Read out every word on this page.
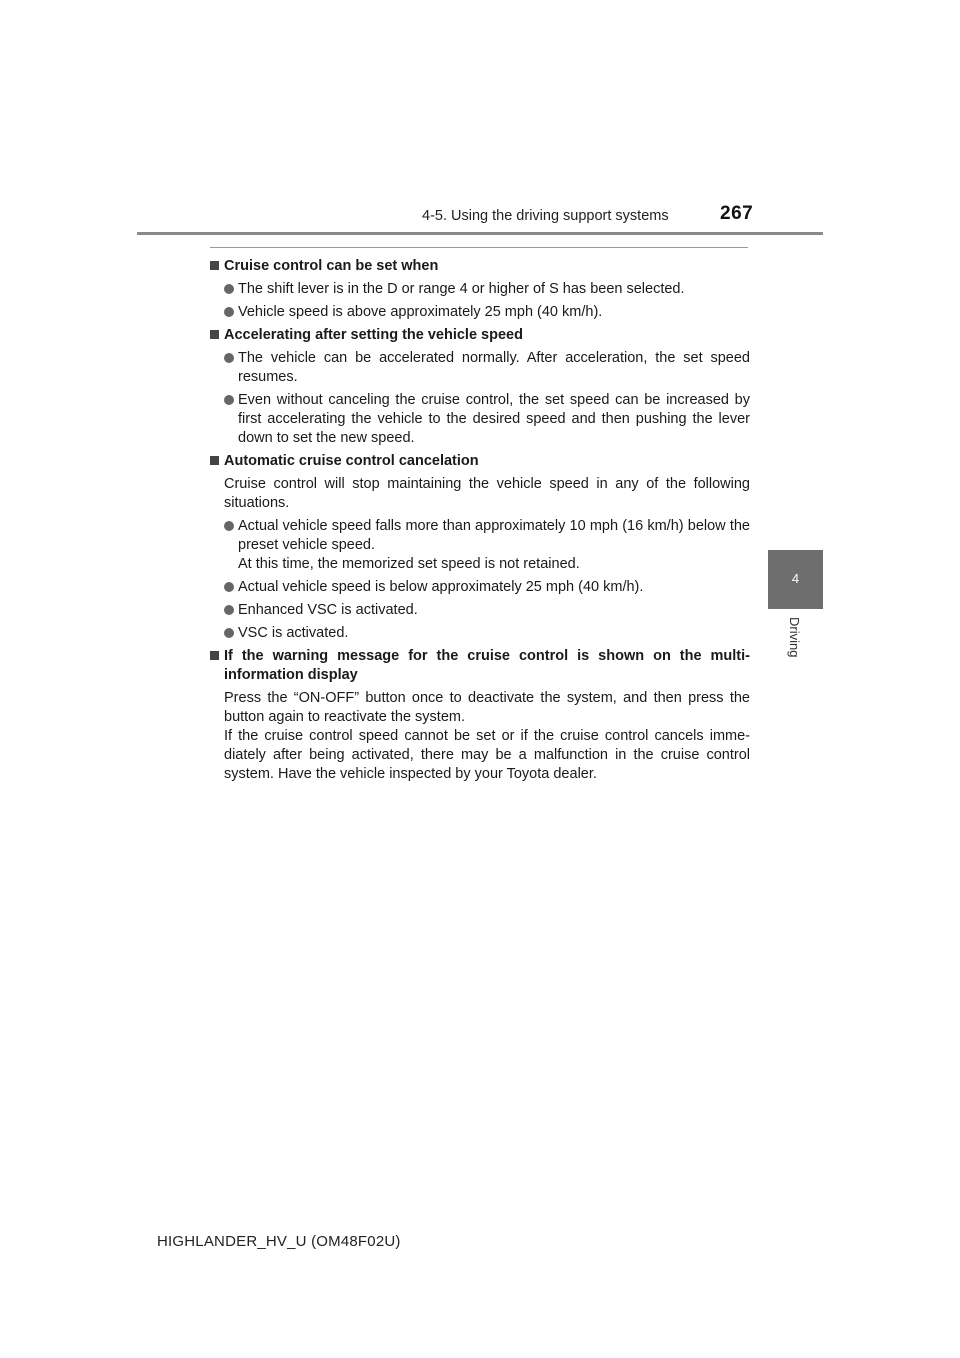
4-5. Using the driving support systems	267
4
Driving
Cruise control can be set when
The shift lever is in the D or range 4 or higher of S has been selected.
Vehicle speed is above approximately 25 mph (40 km/h).
Accelerating after setting the vehicle speed
The vehicle can be accelerated normally. After acceleration, the set speed resumes.
Even without canceling the cruise control, the set speed can be increased by first accelerating the vehicle to the desired speed and then pushing the lever down to set the new speed.
Automatic cruise control cancelation
Cruise control will stop maintaining the vehicle speed in any of the following situations.
Actual vehicle speed falls more than approximately 10 mph (16 km/h) below the preset vehicle speed.
At this time, the memorized set speed is not retained.
Actual vehicle speed is below approximately 25 mph (40 km/h).
Enhanced VSC is activated.
VSC is activated.
If the warning message for the cruise control is shown on the multi-information display
Press the “ON-OFF” button once to deactivate the system, and then press the button again to reactivate the system.
If the cruise control speed cannot be set or if the cruise control cancels imme-diately after being activated, there may be a malfunction in the cruise control system. Have the vehicle inspected by your Toyota dealer.
HIGHLANDER_HV_U (OM48F02U)
